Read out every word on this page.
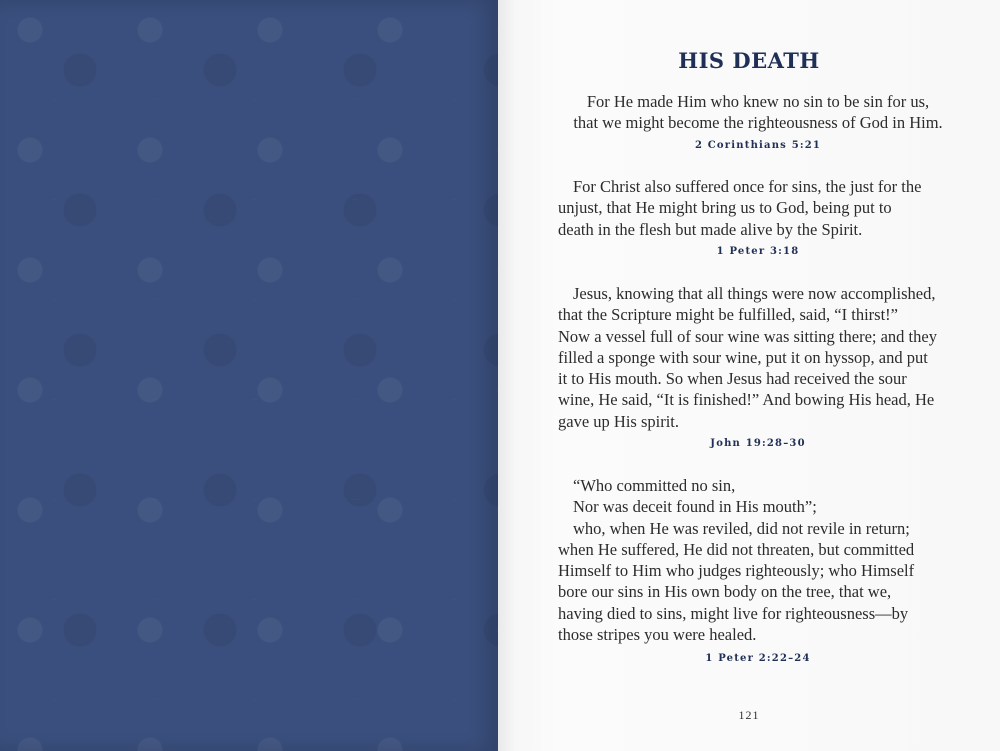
HIS DEATH
For He made Him who knew no sin to be sin for us,
that we might become the righteousness of God in Him.
2 Corinthians 5:21
For Christ also suffered once for sins, the just for the
unjust, that He might bring us to God, being put to
death in the flesh but made alive by the Spirit.
1 Peter 3:18
Jesus, knowing that all things were now accomplished,
that the Scripture might be fulfilled, said, “I thirst!”
Now a vessel full of sour wine was sitting there; and they
filled a sponge with sour wine, put it on hyssop, and put
it to His mouth. So when Jesus had received the sour
wine, He said, “It is finished!” And bowing His head, He
gave up His spirit.
John 19:28–30
“Who committed no sin,
Nor was deceit found in His mouth”;
who, when He was reviled, did not revile in return;
when He suffered, He did not threaten, but committed
Himself to Him who judges righteously; who Himself
bore our sins in His own body on the tree, that we,
having died to sins, might live for righteousness—by
those stripes you were healed.
1 Peter 2:22–24
121
